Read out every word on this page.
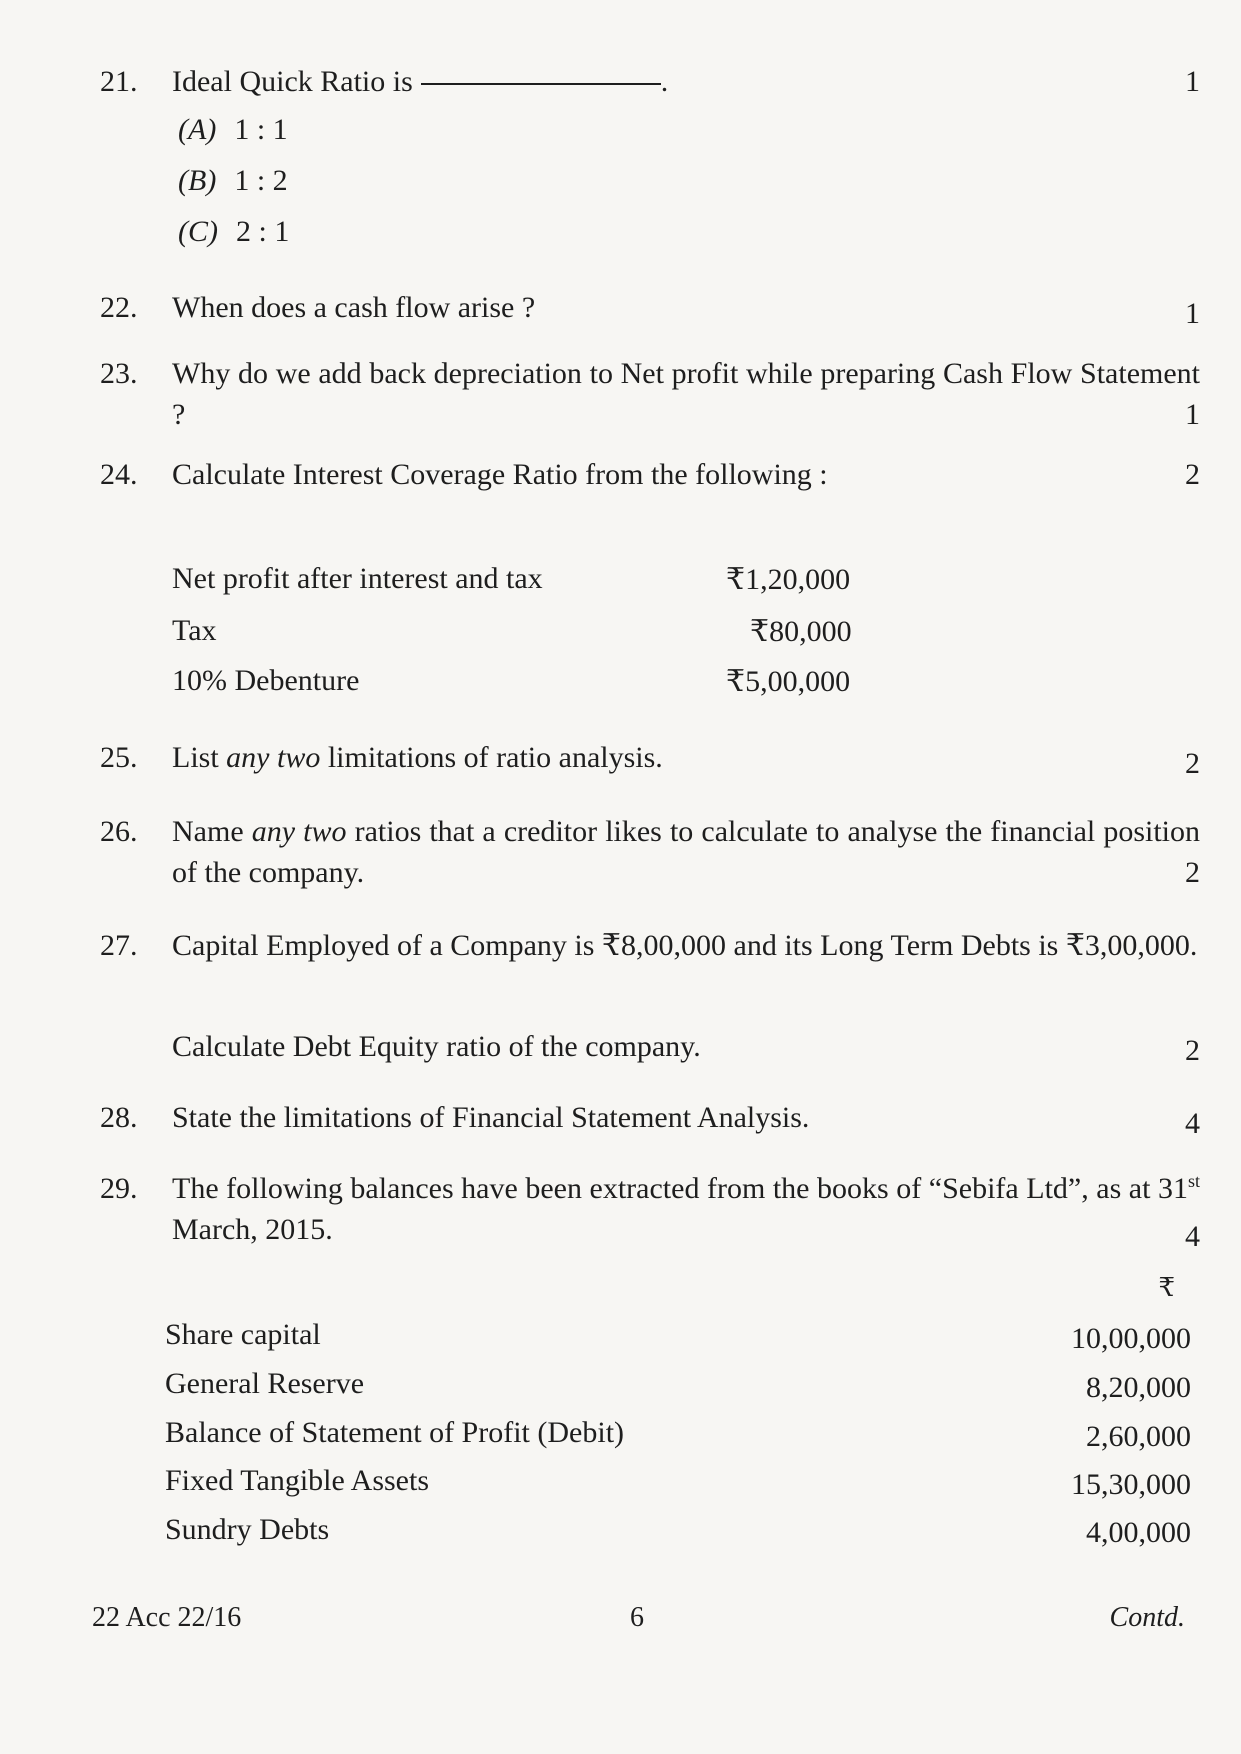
21. Ideal Quick Ratio is	.	1
(A) 1 : 1
(B) 1 : 2
(C) 2 : 1
22. When does a cash flow arise ?	1
23. Why do we add back depreciation to Net profit while preparing Cash Flow Statement ?	1
24. Calculate Interest Coverage Ratio from the following :	2
Net profit after interest and tax	₹1,20,000
Tax	₹80,000
10% Debenture	₹5,00,000
25. List any two limitations of ratio analysis.	2
26. Name any two ratios that a creditor likes to calculate to analyse the financial position of the company.	2
27. Capital Employed of a Company is ₹8,00,000 and its Long Term Debts is ₹3,00,000.
Calculate Debt Equity ratio of the company.	2
28. State the limitations of Financial Statement Analysis.	4
29. The following balances have been extracted from the books of “Sebifa Ltd”, as at 31st March, 2015.	4
₹
Share capital	10,00,000
General Reserve	8,20,000
Balance of Statement of Profit (Debit)	2,60,000
Fixed Tangible Assets	15,30,000
Sundry Debts	4,00,000
22 Acc 22/16	6	Contd.
